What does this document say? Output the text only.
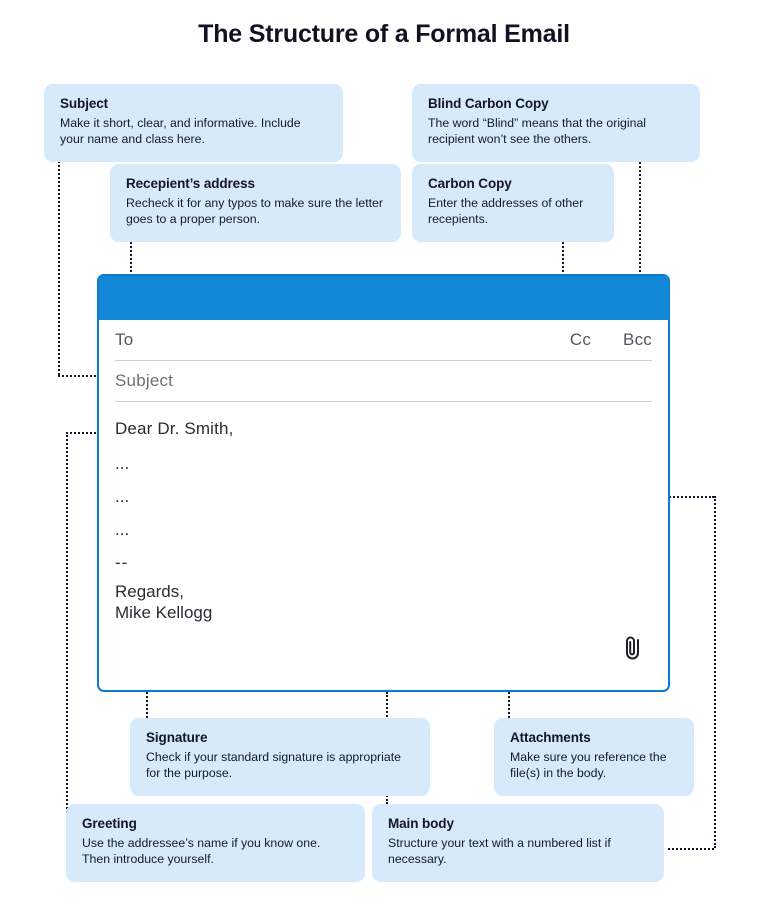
The Structure of a Formal Email
Subject
Make it short, clear, and informative. Include your name and class here.
Blind Carbon Copy
The word “Blind” means that the original recipient won’t see the others.
Recepient’s address
Recheck it for any typos to make sure the letter goes to a proper person.
Carbon Copy
Enter the addresses of other recepients.
Signature
Check if your standard signature is appropriate for the purpose.
Attachments
Make sure you reference the file(s) in the body.
Greeting
Use the addressee’s name if you know one. Then introduce yourself.
Main body
Structure your text with a numbered list if necessary.
To	Cc Bcc
Subject
Dear Dr. Smith,
...
...
...
--
Regards,
Mike Kellogg
